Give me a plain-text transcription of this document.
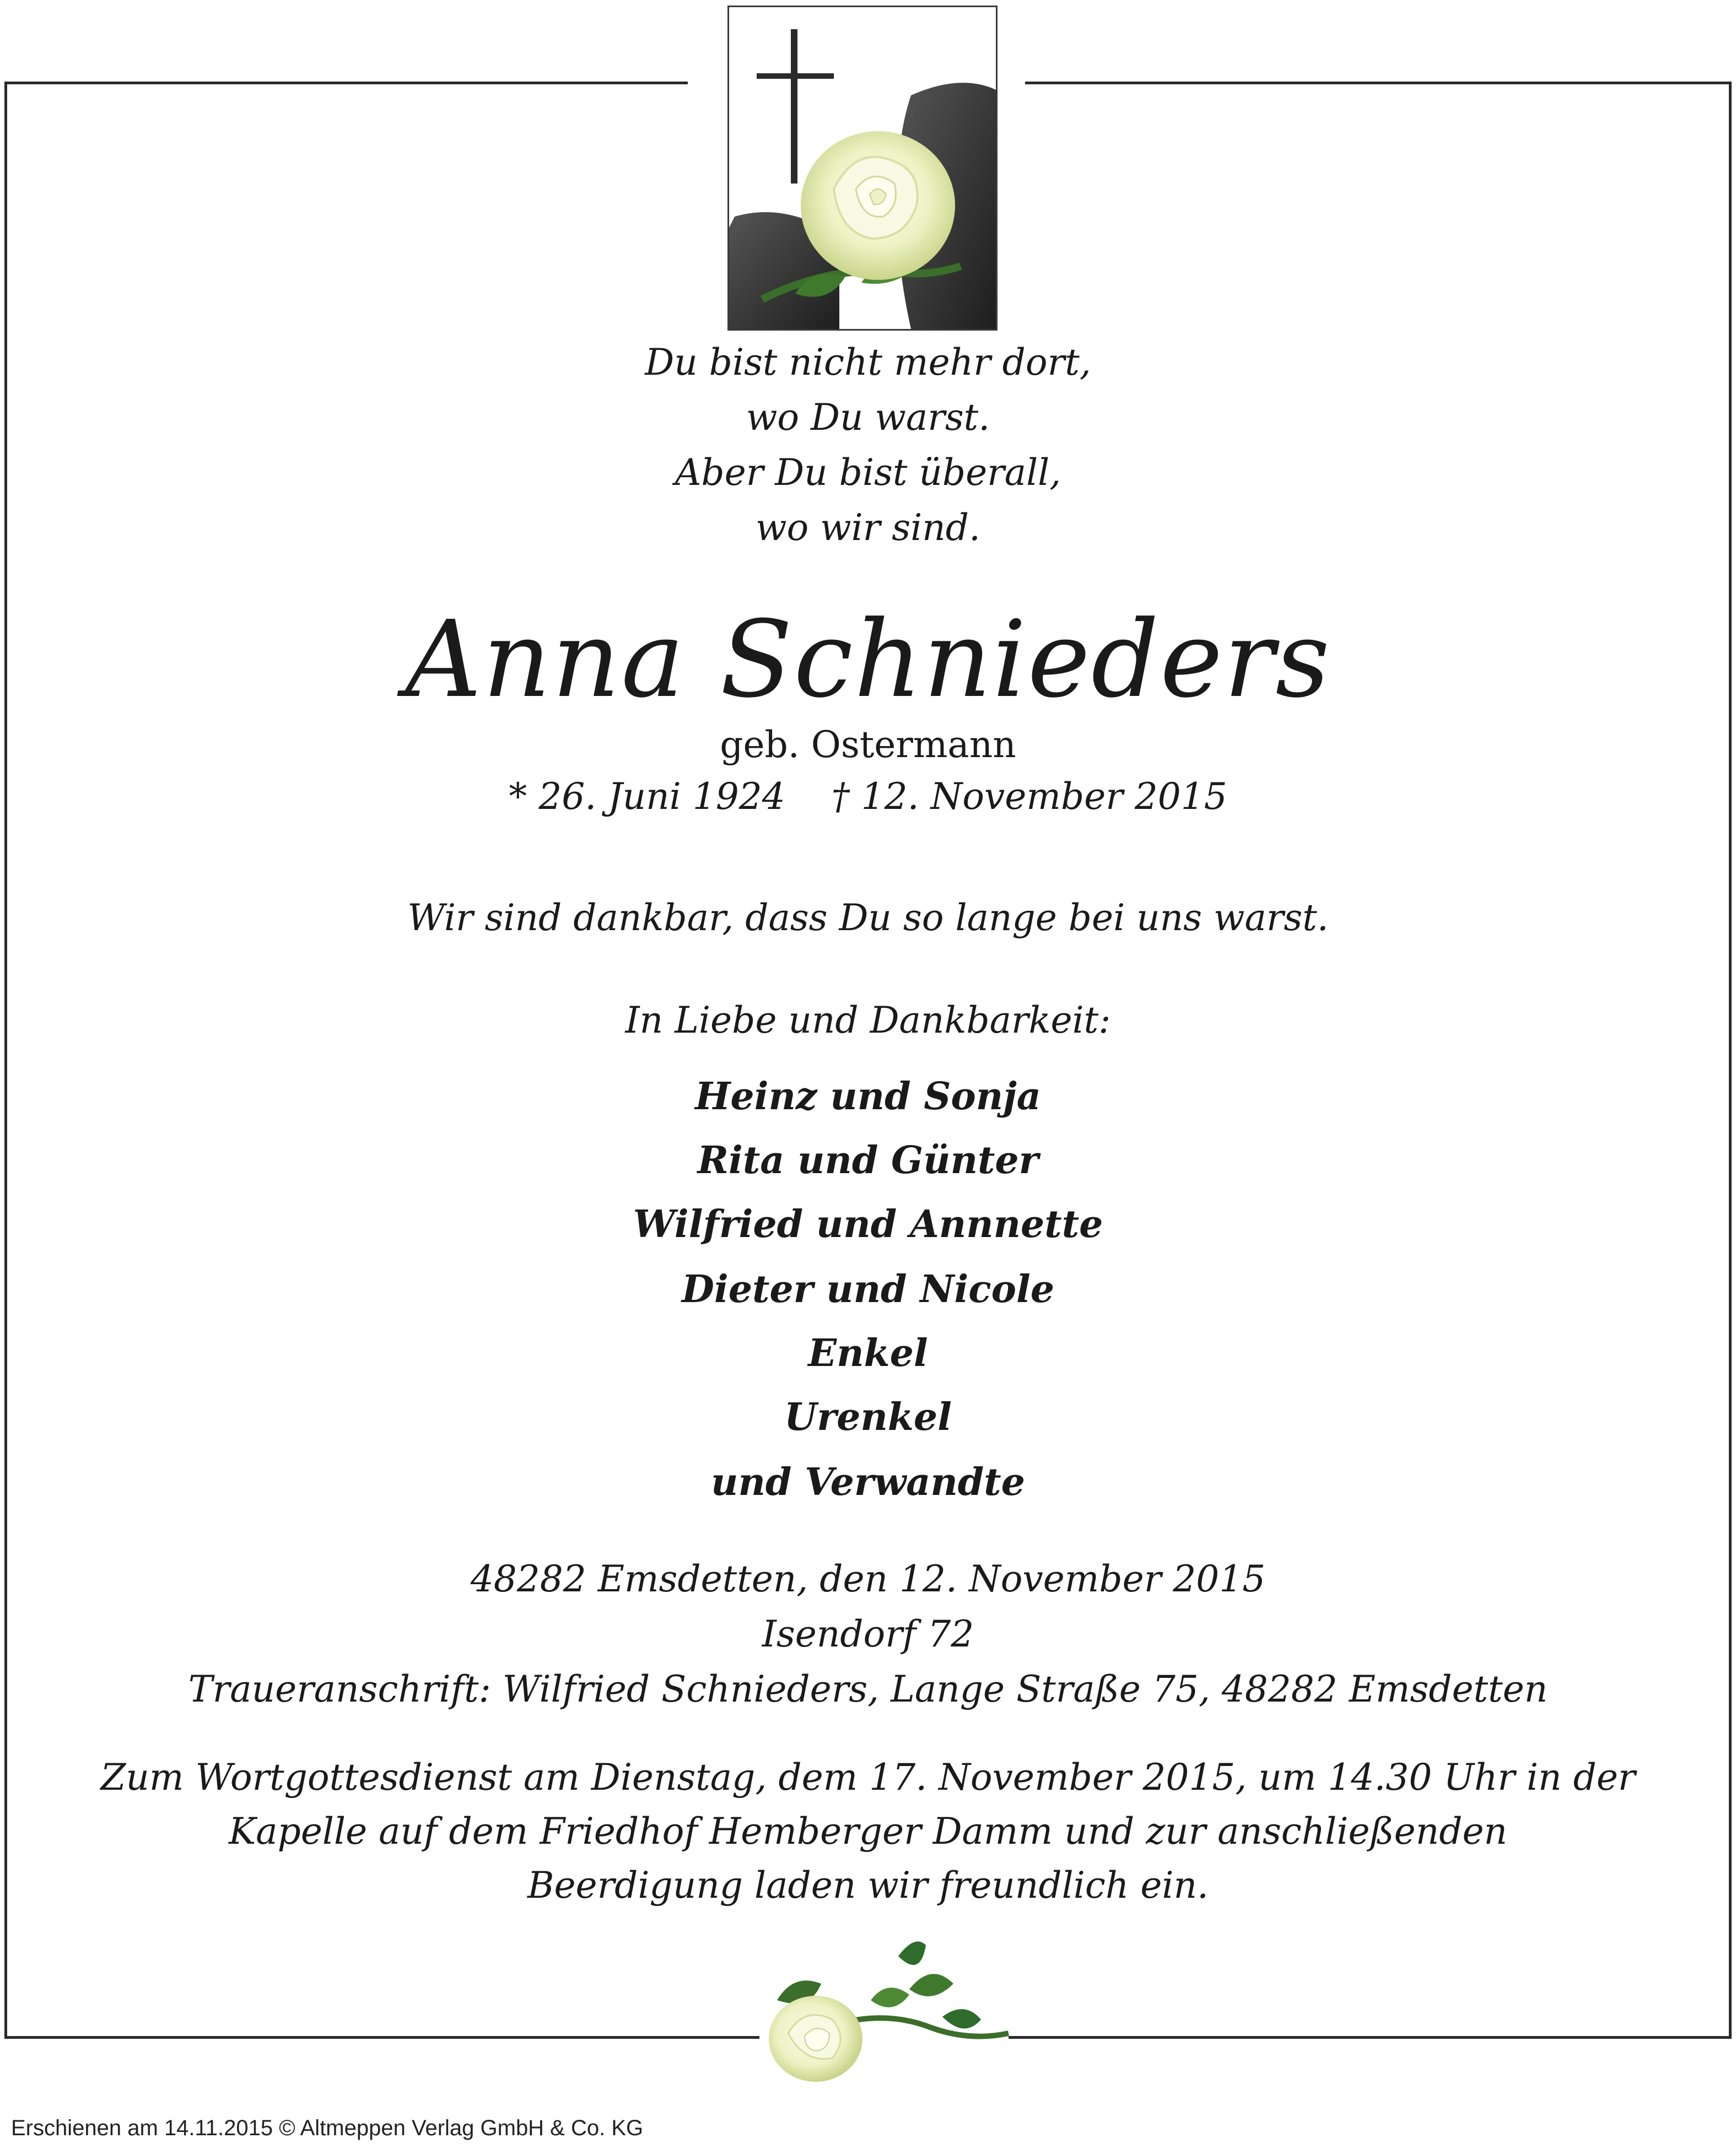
Du bist nicht mehr dort,
wo Du warst.
Aber Du bist überall,
wo wir sind.
Anna Schnieders
geb. Ostermann
* 26. Juni 1924    † 12. November 2015
Wir sind dankbar, dass Du so lange bei uns warst.
In Liebe und Dankbarkeit:
Heinz und Sonja
Rita und Günter
Wilfried und Annnette
Dieter und Nicole
Enkel
Urenkel
und Verwandte
48282 Emsdetten, den 12. November 2015
Isendorf 72
Traueranschrift: Wilfried Schnieders, Lange Straße 75, 48282 Emsdetten
Zum Wortgottesdienst am Dienstag, dem 17. November 2015, um 14.30 Uhr in der
Kapelle auf dem Friedhof Hemberger Damm und zur anschließenden
Beerdigung laden wir freundlich ein.
Erschienen am 14.11.2015 © Altmeppen Verlag GmbH & Co. KG
